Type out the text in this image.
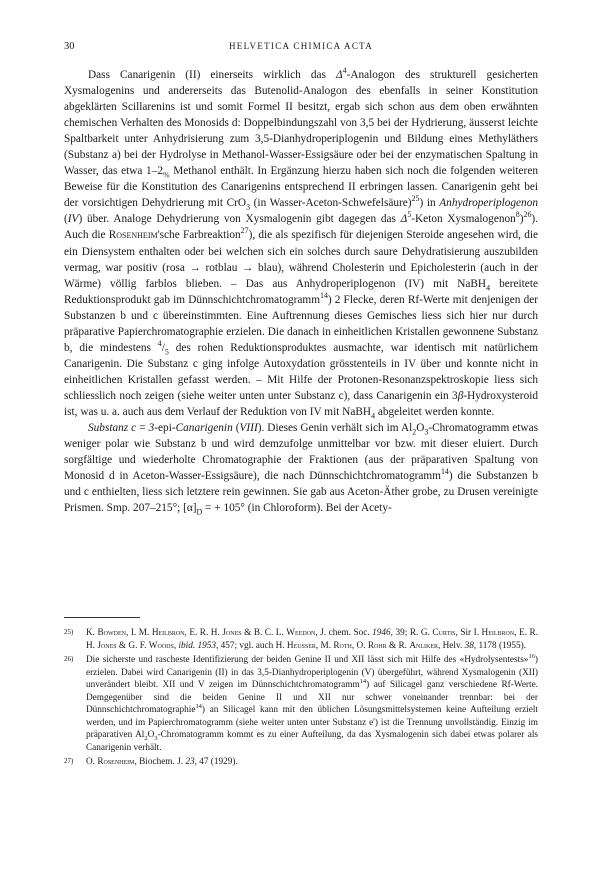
30	HELVETICA CHIMICA ACTA

Dass Canarigenin (II) einerseits wirklich das $\Delta^4$-Analogon des strukturell gesicherten Xysmalogenins und andererseits das Butenolid-Analogon des ebenfalls in seiner Konstitution abgeklärten Scillarenins ist und somit Formel II besitzt, ergab sich schon aus dem oben erwähnten chemischen Verhalten des Monosids d: Doppelbindungszahl von 3,5 bei der Hydrierung, äusserst leichte Spaltbarkeit unter Anhydrisierung zum 3,5-Dianhydroperiplogenin und Bildung eines Methyläthers (Substanz a) bei der Hydrolyse in Methanol-Wasser-Essigsäure oder bei der enzymatischen Spaltung in Wasser, das etwa $1-2_{\%}$ Methanol enthält. In Ergänzung hierzu haben sich noch die folgenden weiteren Beweise für die Konstitution des Canarigenins entsprechend II erbringen lassen. Canarigenin geht bei der vorsichtigen Dehydrierung mit CrO$_3$ (in Wasser-Aceton-Schwefelsäure)$^{25}$) in Anhydroperiplogenon (IV) über. Analoge Dehydrierung von Xysmalogenin gibt dagegen das $\Delta^5$-Keton Xysmalogenon$^8$)$^{26}$). Auch die Rosenheim'sche Farbreaktion$^{27}$), die als spezifisch für diejenigen Steroide angesehen wird, die ein Diensystem enthalten oder bei welchen sich ein solches durch saure Dehydratisierung auszubilden vermag, war positiv (rosa → rotblau → blau), während Cholesterin und Epicholesterin (auch in der Wärme) völlig farblos blieben. – Das aus Anhydroperiplogenon (IV) mit NaBH$_4$ bereitete Reduktionsprodukt gab im Dünnschichtchromatogramm$^{14}$) 2 Flecke, deren Rf-Werte mit denjenigen der Substanzen b und c übereinstimmten. Eine Auftrennung dieses Gemisches liess sich hier nur durch präparative Papierchromatographie erzielen. Die danach in einheitlichen Kristallen gewonnene Substanz b, die mindestens $^4/_5$ des rohen Reduktionsproduktes ausmachte, war identisch mit natürlichem Canarigenin. Die Substanz c ging infolge Autoxydation grösstenteils in IV über und konnte nicht in einheitlichen Kristallen gefasst werden. – Mit Hilfe der Protonen-Resonanzspektroskopie liess sich schliesslich noch zeigen (siehe weiter unten unter Substanz c), dass Canarigenin ein 3β-Hydroxysteroid ist, was u. a. auch aus dem Verlauf der Reduktion von IV mit NaBH$_4$ abgeleitet werden konnte.

Substanz c = 3-epi-Canarigenin (VIII). Dieses Genin verhält sich im $Al_2O_3$-Chromatogramm etwas weniger polar wie Substanz b und wird demzufolge unmittelbar vor bzw. mit dieser eluiert. Durch sorgfältige und wiederholte Chromatographie der Fraktionen (aus der präparativen Spaltung von Monosid d in Aceton-Wasser-Essigsäure), die nach Dünnschichtchromatogramm$^{14}$) die Substanzen b und c enthielten, liess sich letztere rein gewinnen. Sie gab aus Aceton-Äther grobe, zu Drusen vereinigte Prismen. Smp. 207–215°; $[\alpha]_D$ = + 105° (in Chloroform). Bei der Acety-

25) K. Bowden, I. M. Heilbron, E. R. H. Jones & B. C. L. Weedon, J. chem. Soc. 1946, 39; R. G. Curtis, Sir I. Heilbron, E. R. H. Jones & G. F. Woods, ibid. 1953, 457; vgl. auch H. Heusser, M. Roth, O. Rohr & R. Anliker, Helv. 38, 1178 (1955).
26) Die sicherste und rascheste Identifizierung der beiden Genine II und XII lässt sich mit Hilfe des «Hydrolysentests»$^{16}$) erzielen. Dabei wird Canarigenin (II) in das 3,5-Dianhydroperiplogenin (V) übergeführt, während Xysmalogenin (XII) unverändert bleibt. XII und V zeigen im Dünnschichtchromatogramm$^{14}$) auf Silicagel ganz verschiedene Rf-Werte. Demgegenüber sind die beiden Genine II und XII nur schwer voneinander trennbar: bei der Dünnschichtchromatographie$^{14}$) an Silicagel kann mit den üblichen Lösungsmittelsystemen keine Aufteilung erzielt werden, und im Papierchromatogramm (siehe weiter unten unter Substanz e') ist die Trennung unvollständig. Einzig im präparativen $Al_2O_3$-Chromatogramm kommt es zu einer Aufteilung, da das Xysmalogenin sich dabei etwas polarer als Canarigenin verhält.
27) O. Rosenheim, Biochem. J. 23, 47 (1929).
